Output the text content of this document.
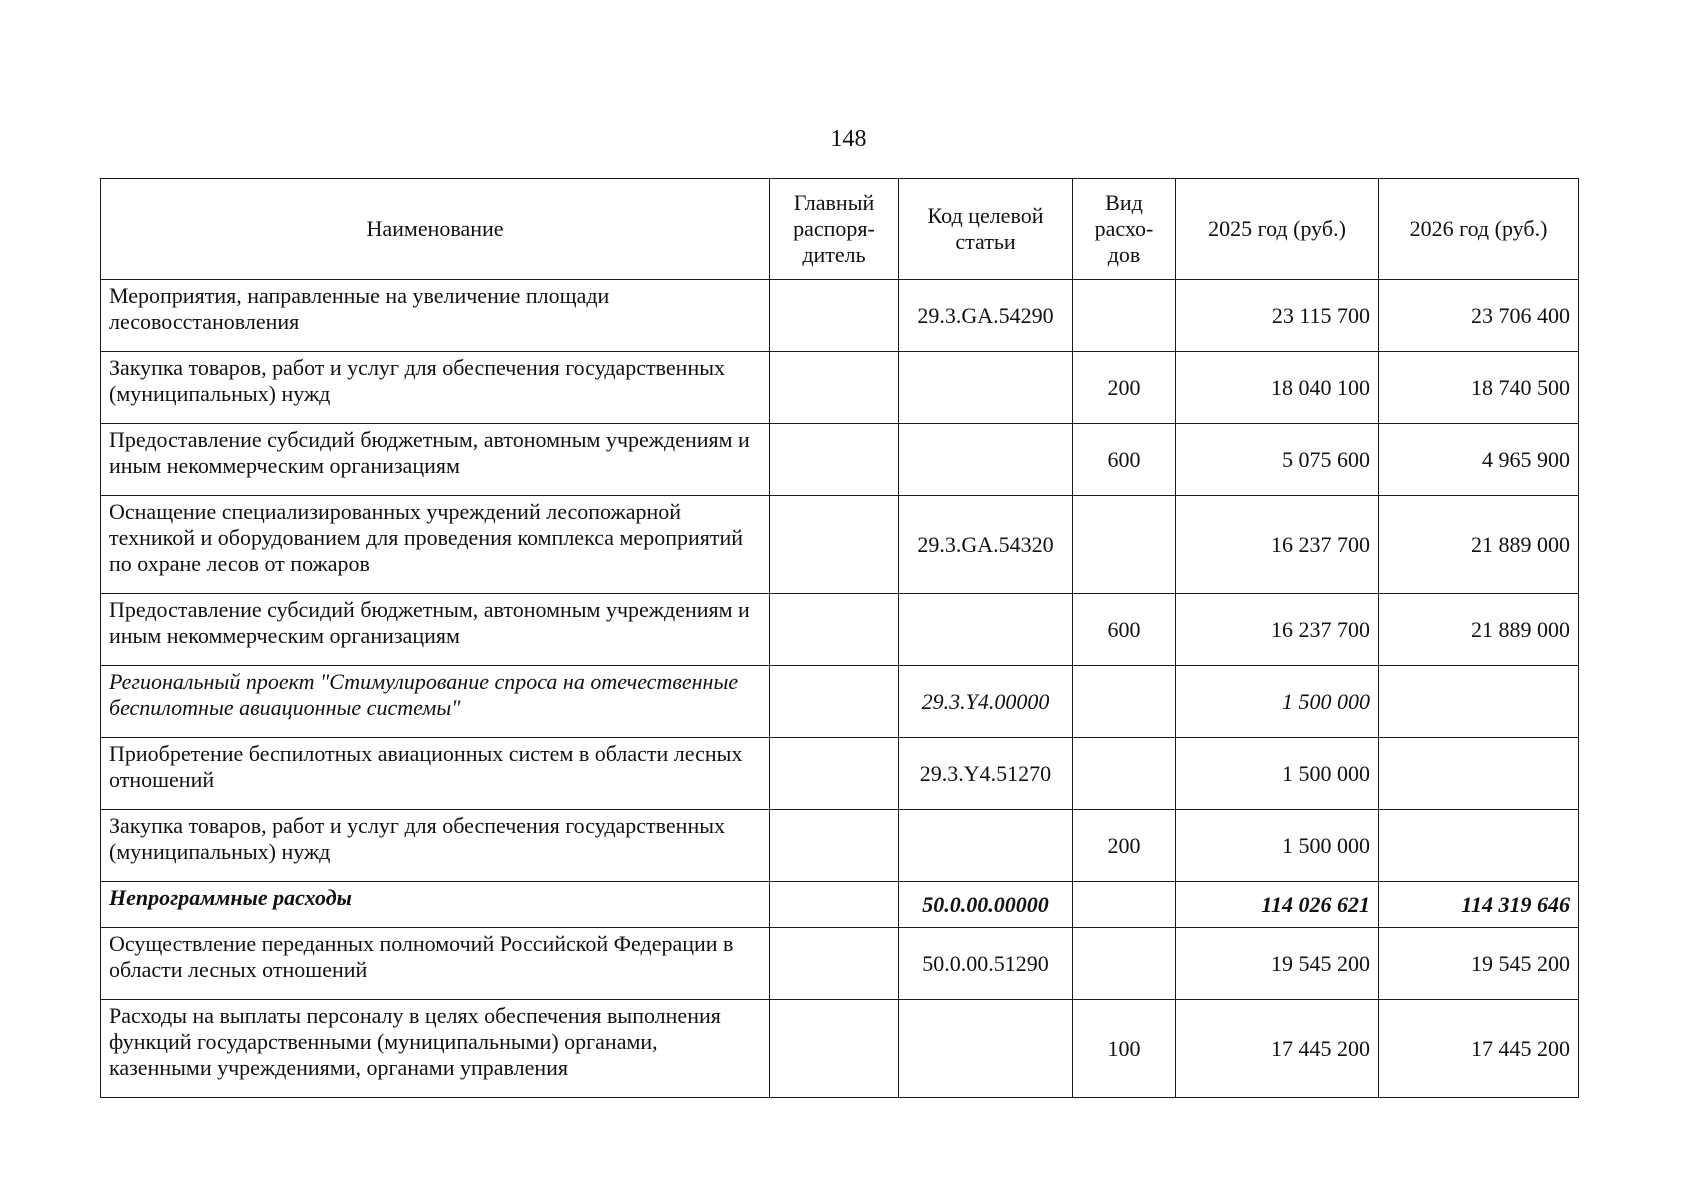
148
Наименование	Главный распоря-дитель	Код целевой статьи	Вид расхо-дов	2025 год (руб.)	2026 год (руб.)
Мероприятия, направленные на увеличение площади лесовосстановления		29.3.GA.54290		23 115 700	23 706 400
Закупка товаров, работ и услуг для обеспечения государственных (муниципальных) нужд			200	18 040 100	18 740 500
Предоставление субсидий бюджетным, автономным учреждениям и иным некоммерческим организациям			600	5 075 600	4 965 900
Оснащение специализированных учреждений лесопожарной техникой и оборудованием для проведения комплекса мероприятий по охране лесов от пожаров		29.3.GA.54320		16 237 700	21 889 000
Предоставление субсидий бюджетным, автономным учреждениям и иным некоммерческим организациям			600	16 237 700	21 889 000
Региональный проект "Стимулирование спроса на отечественные беспилотные авиационные системы"		29.3.Y4.00000		1 500 000	
Приобретение беспилотных авиационных систем в области лесных отношений		29.3.Y4.51270		1 500 000	
Закупка товаров, работ и услуг для обеспечения государственных (муниципальных) нужд			200	1 500 000	
Непрограммные расходы		50.0.00.00000		114 026 621	114 319 646
Осуществление переданных полномочий Российской Федерации в области лесных отношений		50.0.00.51290		19 545 200	19 545 200
Расходы на выплаты персоналу в целях обеспечения выполнения функций государственными (муниципальными) органами, казенными учреждениями, органами управления			100	17 445 200	17 445 200
